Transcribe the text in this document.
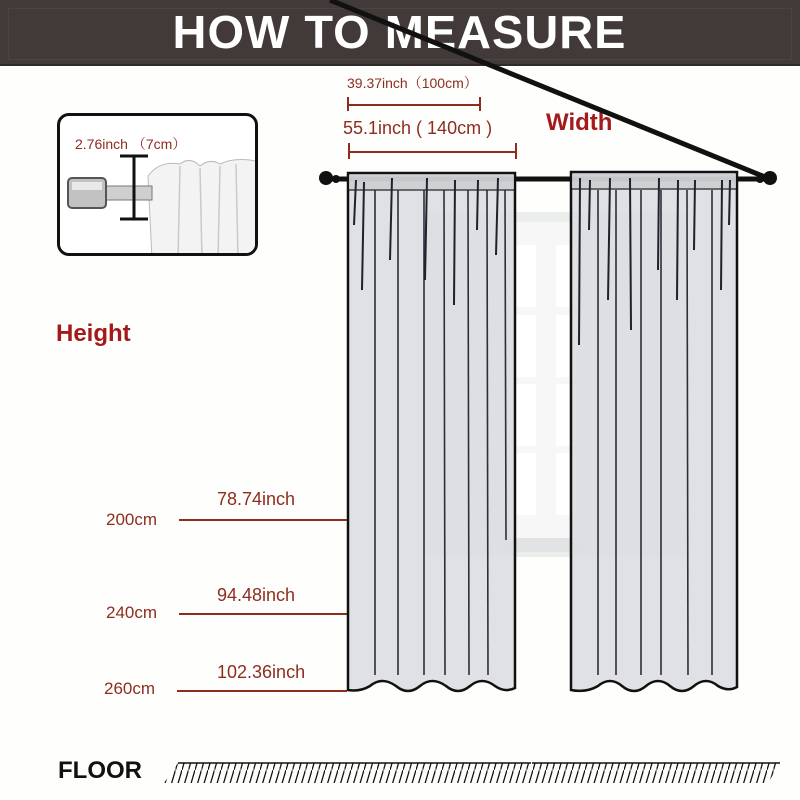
HOW TO MEASURE
39.37inch（100cm）
55.1inch ( 140cm ) Width
2.76inch （7cm）
Height
200cm
78.74inch
240cm
94.48inch
260cm
102.36inch
FLOOR
